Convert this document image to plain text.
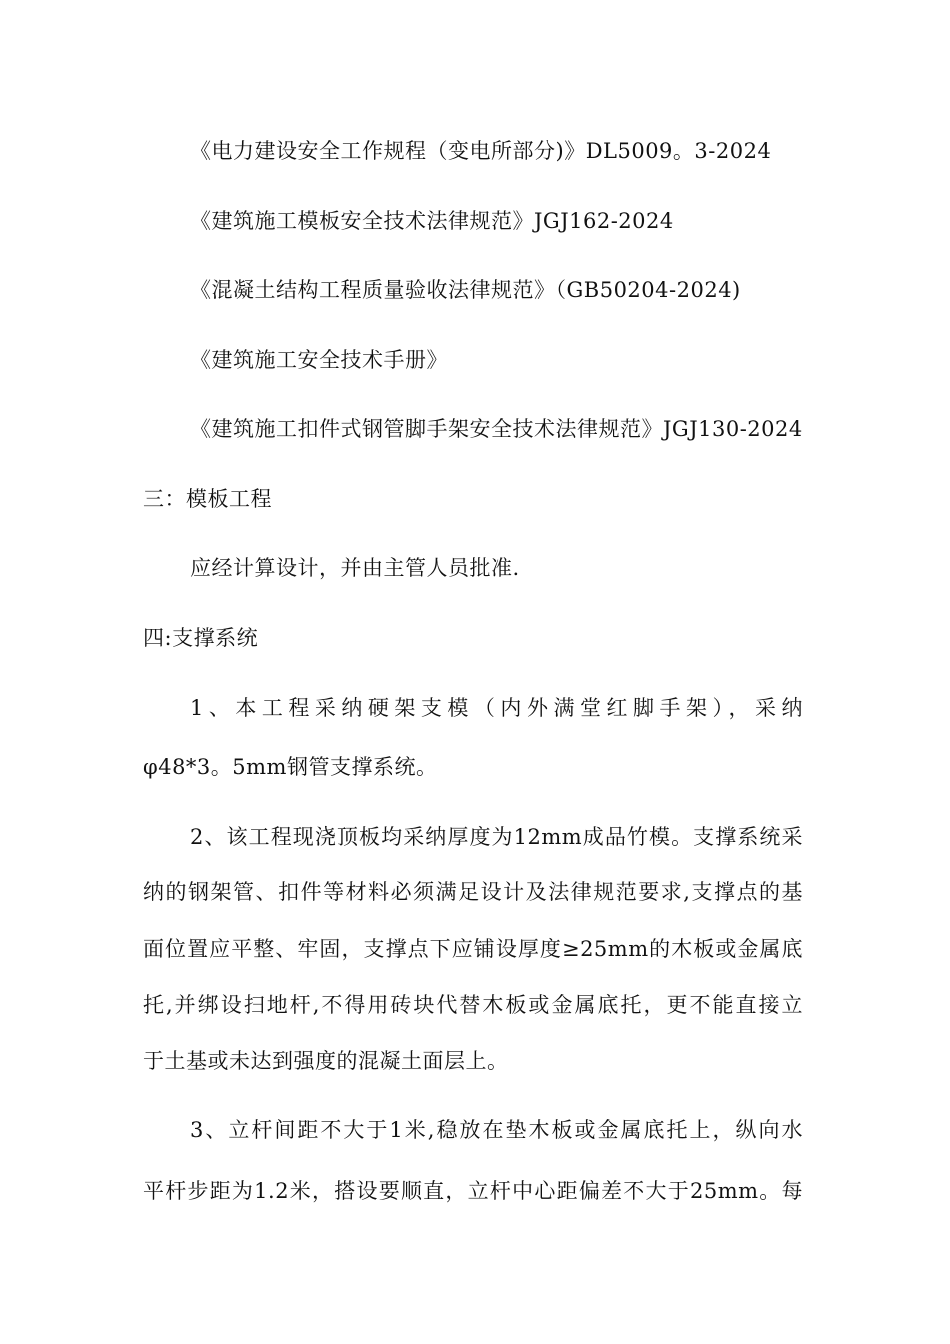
《电力建设安全工作规程（变电所部分)》DL5009。3-2024
《建筑施工模板安全技术法律规范》JGJ162-2024
《混凝土结构工程质量验收法律规范》（GB50204-2024)
《建筑施工安全技术手册》
《建筑施工扣件式钢管脚手架安全技术法律规范》JGJ130-2024
三：模板工程
应经计算设计，并由主管人员批准.
四:支撑系统
1、本工程采纳硬架支模（内外满堂红脚手架），采纳
φ48*3。5mm钢管支撑系统。
2、该工程现浇顶板均采纳厚度为12mm成品竹模。支撑系统采
纳的钢架管、扣件等材料必须满足设计及法律规范要求,支撑点的基
面位置应平整、牢固，支撑点下应铺设厚度≥25mm的木板或金属底
托,并绑设扫地杆,不得用砖块代替木板或金属底托，更不能直接立
于土基或未达到强度的混凝土面层上。
3、立杆间距不大于1米,稳放在垫木板或金属底托上，纵向水
平杆步距为1.2米，搭设要顺直，立杆中心距偏差不大于25mm。每
